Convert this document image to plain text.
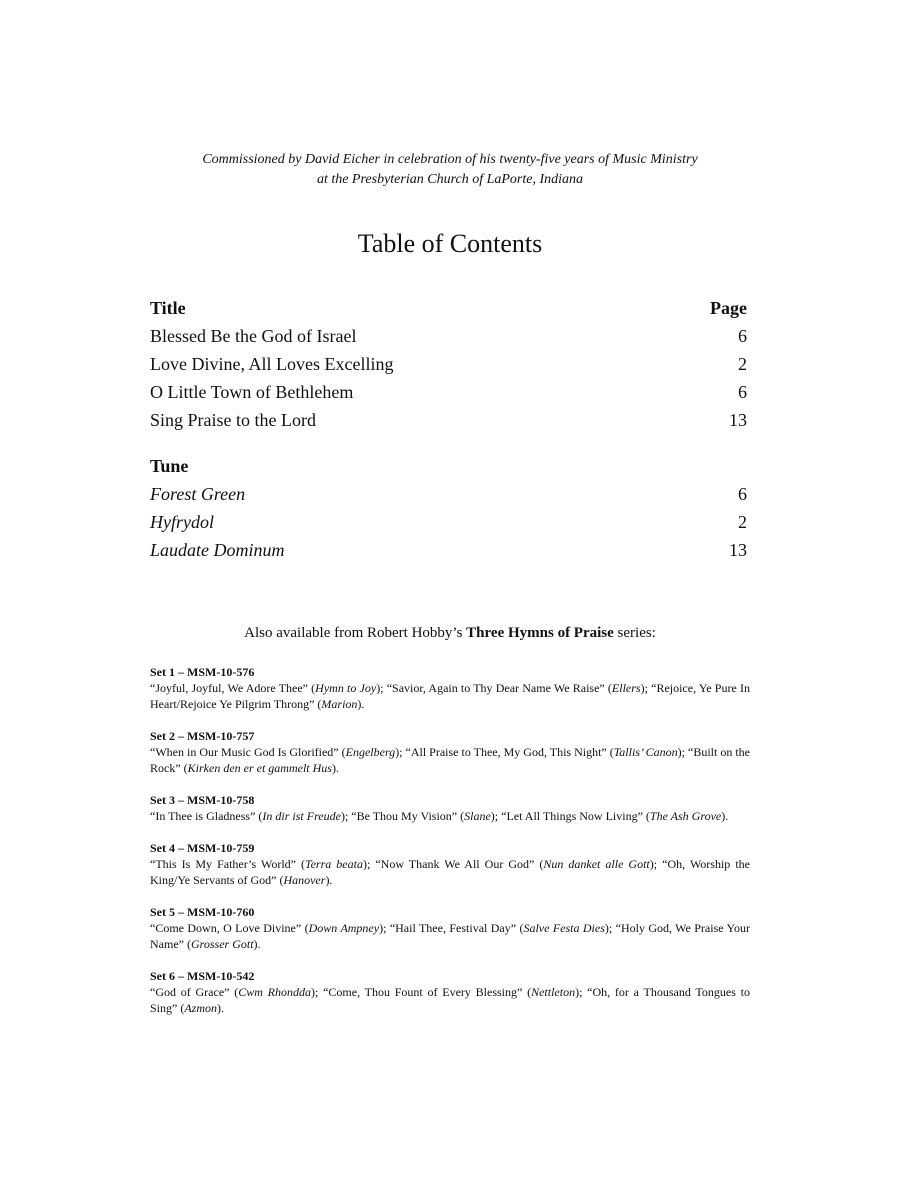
Commissioned by David Eicher in celebration of his twenty-five years of Music Ministry
at the Presbyterian Church of LaPorte, Indiana
Table of Contents
Title	Page
Blessed Be the God of Israel	6
Love Divine, All Loves Excelling	2
O Little Town of Bethlehem	6
Sing Praise to the Lord	13
Tune
Forest Green	6
Hyfrydol	2
Laudate Dominum	13
Also available from Robert Hobby’s Three Hymns of Praise series:
Set 1 – MSM-10-576
“Joyful, Joyful, We Adore Thee” (Hymn to Joy); “Savior, Again to Thy Dear Name We Raise” (Ellers); “Rejoice, Ye Pure In Heart/Rejoice Ye Pilgrim Throng” (Marion).
Set 2 – MSM-10-757
“When in Our Music God Is Glorified” (Engelberg); “All Praise to Thee, My God, This Night” (Tallis’ Canon); “Built on the Rock” (Kirken den er et gammelt Hus).
Set 3 – MSM-10-758
“In Thee is Gladness” (In dir ist Freude); “Be Thou My Vision” (Slane); “Let All Things Now Living” (The Ash Grove).
Set 4 – MSM-10-759
“This Is My Father’s World” (Terra beata); “Now Thank We All Our God” (Nun danket alle Gott); “Oh, Worship the King/Ye Servants of God” (Hanover).
Set 5 – MSM-10-760
“Come Down, O Love Divine” (Down Ampney); “Hail Thee, Festival Day” (Salve Festa Dies); “Holy God, We Praise Your Name” (Grosser Gott).
Set 6 – MSM-10-542
“God of Grace” (Cwm Rhondda); “Come, Thou Fount of Every Blessing” (Nettleton); “Oh, for a Thousand Tongues to Sing” (Azmon).
